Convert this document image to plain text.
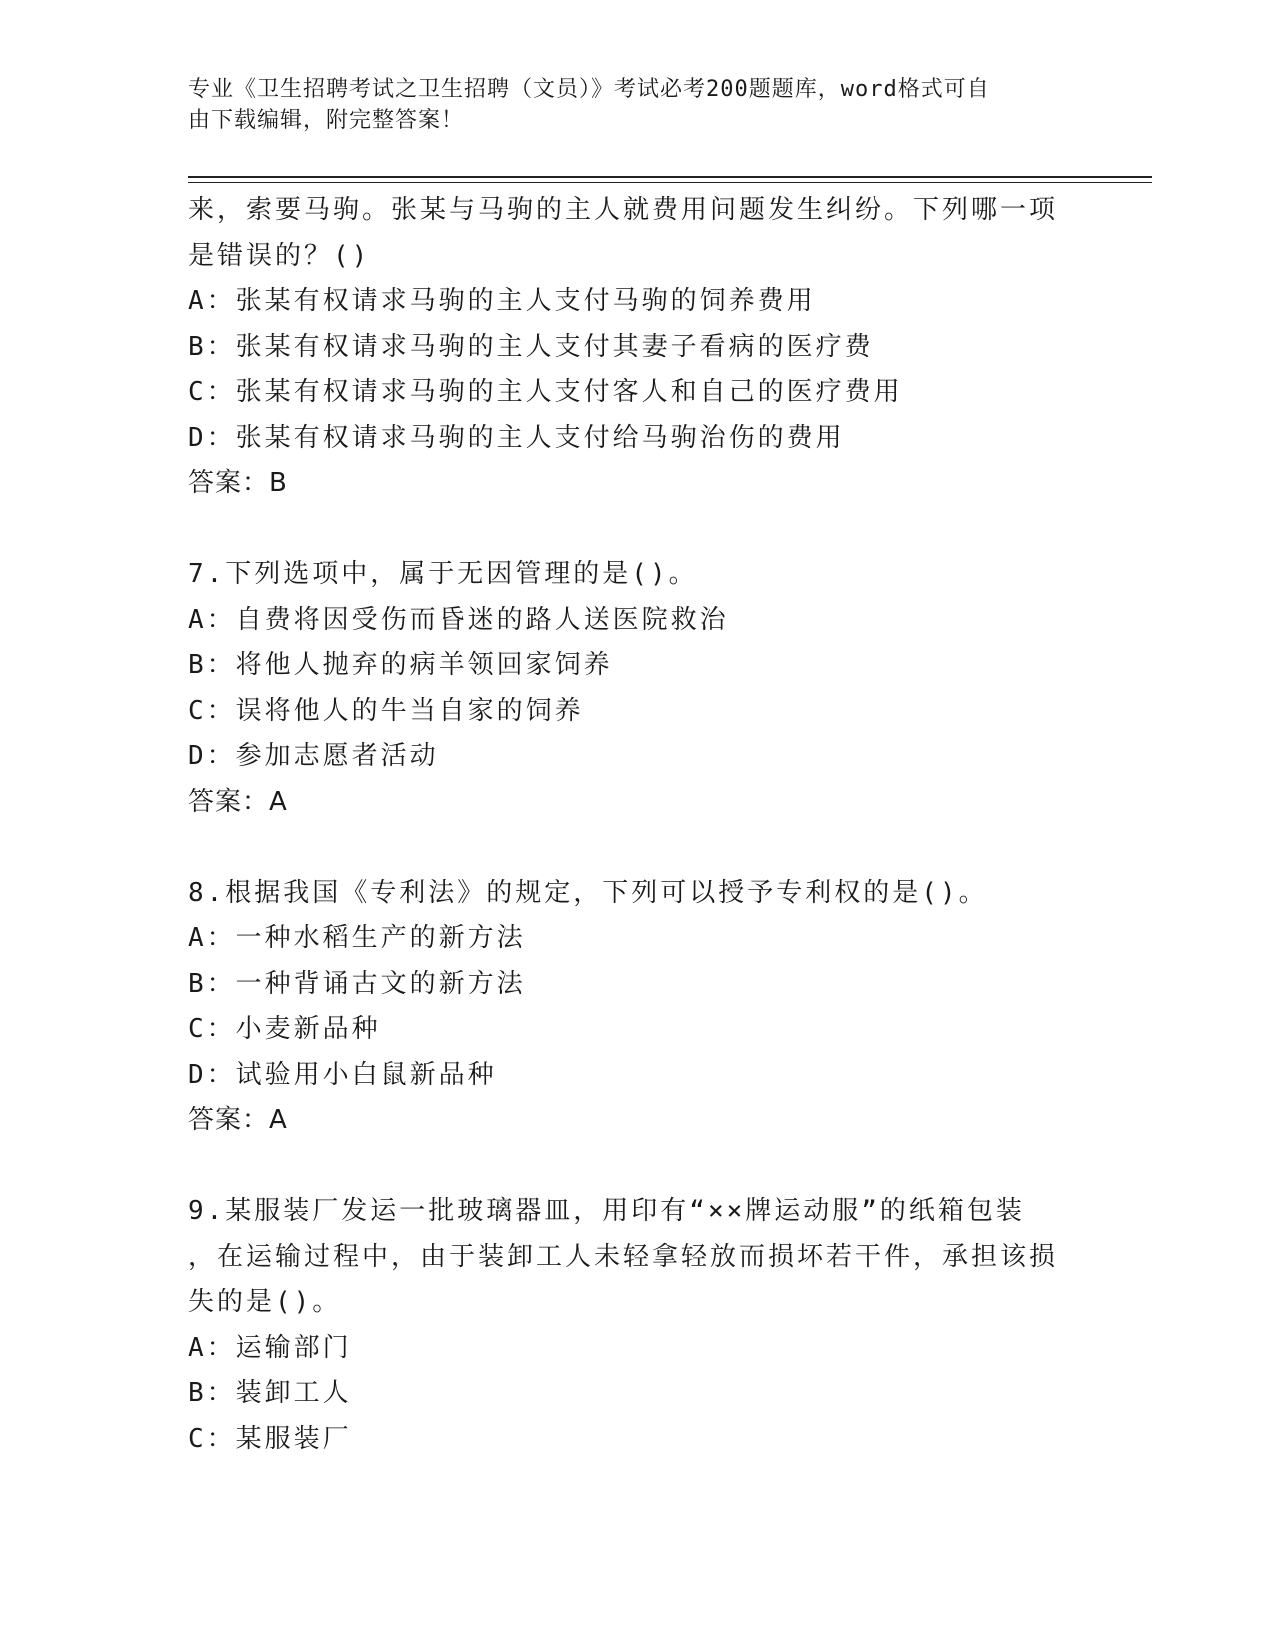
专业《卫生招聘考试之卫生招聘（文员）》考试必考200题题库，word格式可自
由下载编辑，附完整答案！
来，索要马驹。张某与马驹的主人就费用问题发生纠纷。下列哪一项
是错误的？()
A：张某有权请求马驹的主人支付马驹的饲养费用
B：张某有权请求马驹的主人支付其妻子看病的医疗费
C：张某有权请求马驹的主人支付客人和自己的医疗费用
D：张某有权请求马驹的主人支付给马驹治伤的费用
答案：B
7.下列选项中，属于无因管理的是()。
A：自费将因受伤而昏迷的路人送医院救治
B：将他人抛弃的病羊领回家饲养
C：误将他人的牛当自家的饲养
D：参加志愿者活动
答案：A
8.根据我国《专利法》的规定，下列可以授予专利权的是()。
A：一种水稻生产的新方法
B：一种背诵古文的新方法
C：小麦新品种
D：试验用小白鼠新品种
答案：A
9.某服装厂发运一批玻璃器皿，用印有“××牌运动服”的纸箱包装
，在运输过程中，由于装卸工人未轻拿轻放而损坏若干件，承担该损
失的是()。
A：运输部门
B：装卸工人
C：某服装厂
